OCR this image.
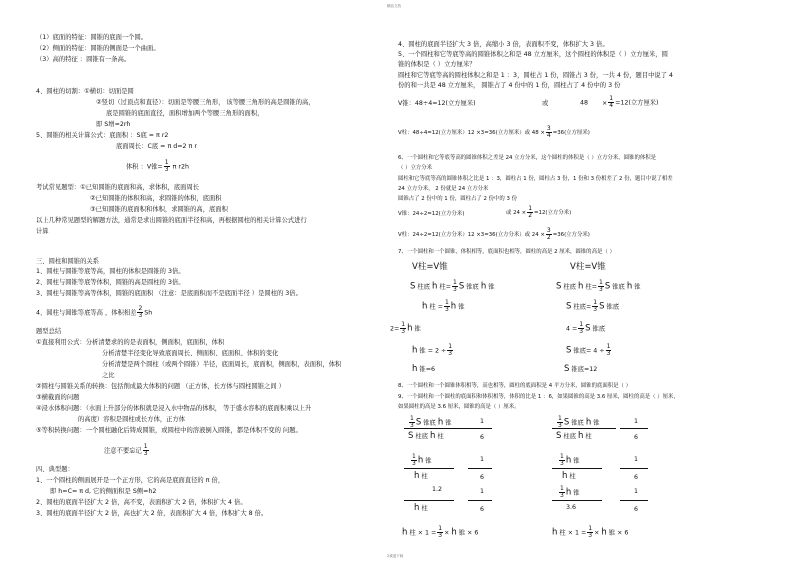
精品文档
（1）底面的特征：圆锥的底面一个圆。
（2）侧面的特征：圆锥的侧面是一个曲面。
（3）高的特征 ：圆锥有一条高。
4、圆柱的切割：①横切：切面是圆
②竖切（过顶点和直径）：切面是等腰三角形， 该等腰三角形的高是圆锥的高，
底是圆锥的底面直径，面积增加两个等腰三角形的面积，
即 S增=2rh
5、圆锥的相关计算公式：底面积 ：S底 = π r2
底面周长：C底 = π d=2 π r
体积 ：V锥= $\frac{1}{3}$ π r2h
考试常见题型：①已知圆锥的底面和高，求体积，底面周长
②已知圆锥的体积和高，求圆锥的体积，底面积
③已知圆锥的底面积和体积，求圆锥的高，底面积
以上几种常见题型的解题方法，通常是求出圆锥的底面半径和高，再根据圆柱的相关计算公式进行
计算
三、圆柱和圆锥的关系
1、圆柱与圆锥等底等高，圆柱的体积是圆锥的 3倍。
2、圆柱与圆锥等底等体积，圆锥的高是圆柱的 3倍。
3、圆柱与圆锥等高等体积，圆锥的底面积 （注意：是底面积而不是底面半径 ）是圆柱的 3倍。
4、圆柱与圆锥等底等高 ，体积相差 $\frac{2}{3}$ Sh
题型总结
①直接利用公式：分析清楚求的的是表面积，侧面积，底面积，体积
分析清楚半径变化导致底面周长、侧面积、底面积、体积的变化
分析清楚是两个圆柱（或两个圆锥）半径，底面周长，底面积，侧面积，表面积，体积
之比
②圆柱与圆锥关系的转换：包括削成最大体积的问题 （正方体，长方体与圆柱圆锥之间 ）
③横截面的问题
④浸水体积问题：（水面上升部分的体积就是浸入水中物品的体积， 等于盛水容积的底面积乘以上升
的高度）容积是圆柱或长方体，正方体
⑤等积转换问题：一个圆柱融化后铸成圆锥，或圆柱中的溶液倒入圆锥，都是体积不变的 问题。
注意不要忘记 $\frac{1}{3}$
四、典型题：
1、一个圆柱的侧面展开是一个正方形，它的高是底面直径的 π 倍，
即 h=C= π d, 它的侧面积是 S侧=h2
2、圆柱的底面半径扩大 2 倍，高不变，表面积扩大 2 倍，体积扩大 4 倍。
3、圆柱的底面半径扩大 2 倍，高也扩大 2 倍，表面积扩大 4 倍，体积扩大 8 倍。
4、圆柱的底面半径扩大 3 倍，高缩小 3 倍，表面积不变，体积扩大 3 倍。
5、一个圆柱和它等底等高的圆锥体积之和是 48 立方厘米，这个圆柱的体积是（ ）立方厘米，圆
锥的体积是（ ）立方厘米？
圆柱和它等底等高的圆柱体积之和是 1 ：3，圆柱占 1 份，圆锥占 3 份，一共 4 份，题目中说了 4
份的和一共是 48 立方厘米， 圆锥占了 4 份中的 1 份，圆柱占了 4 份中的 3 份
V锥：48÷4=12(立方厘米)	或	$48 \times \frac{1}{4} =12$(立方厘米)
V柱：48÷4=12(立方厘米）12 ×3=36(立方厘米）或 $48 \times \frac{3}{4} =36$(立方厘米)
6、一个圆柱和它等底等高的圆锥体积之差是 24 立方分米，这个圆柱的体积是（ ）立方分米，圆锥的体积是
（ ）立方分米
圆柱和它等底等高的圆锥体积之比是 1 ：3，圆柱占 1 份，圆柱占 3 份，1 份和 3 份相差了 2 份，题目中说了相差
24 立方分米， 2 份就是 24 立方分米
圆锥占了 2 份中的 1 份，圆柱占了 2 份中的 3 份
V锥：24÷2=12(立方分米)	或 $24 \times \frac{1}{2} =12$(立方分米)
V柱：24÷2=12(立方分米）12 ×3=36(立方分米）或 $24 \times \frac{3}{2} =36$(立方分米)
7、一个圆柱和一个圆锥，体积相等，底面积也相等，圆柱的高是 2 厘米，圆锥的高是（ ）
V柱=V锥	V柱=V锥
S 柱底 h 柱= $\frac{1}{3}$ S 锥底 h 锥	S 柱底 h 柱= $\frac{1}{3}$ S 锥底 h 锥
h 柱 = $\frac{1}{3}$ h 锥	S 柱底= $\frac{1}{3}$ S 锥底
$2= \frac{1}{3}$ h 锥	$4 = \frac{1}{3}$ S 锥底
h 锥 = $2 \div \frac{1}{3}$	S 锥底= $4 \div \frac{1}{3}$
h 锥=6	S 锥底=12
8、一个圆柱和一个圆锥体积相等，高也相等，圆柱的底面积是 4 平方分米，圆锥的底面积是（ ）
9、一个圆柱和一个圆柱的底面积和体积相等，体积的比是 1 ：6，如果圆锥的高是 3.6 厘米，圆柱的高是（ ）厘米，
如果圆柱的高是 3.6 厘米，圆锥的高是（ ）厘米。
$\frac{1}{3}$ S 锥底 h 锥	1
S 柱底 h 柱	6
$\frac{1}{3}$ S 锥底 h 锥	1
S 柱底 h 柱	6
$\frac{1}{3}$ h 锥	1
h 柱	6
$\frac{1}{3}$ h 锥	1
h 柱	6
1.2	1
h 柱	6
$\frac{1}{3}$ h 锥	1
3.6	6
h 柱 × $1 = \frac{1}{3} \times h$ 锥 × 6	h 柱 × $1 = \frac{1}{3} \times h$ 锥 × 6
2欢迎下载
